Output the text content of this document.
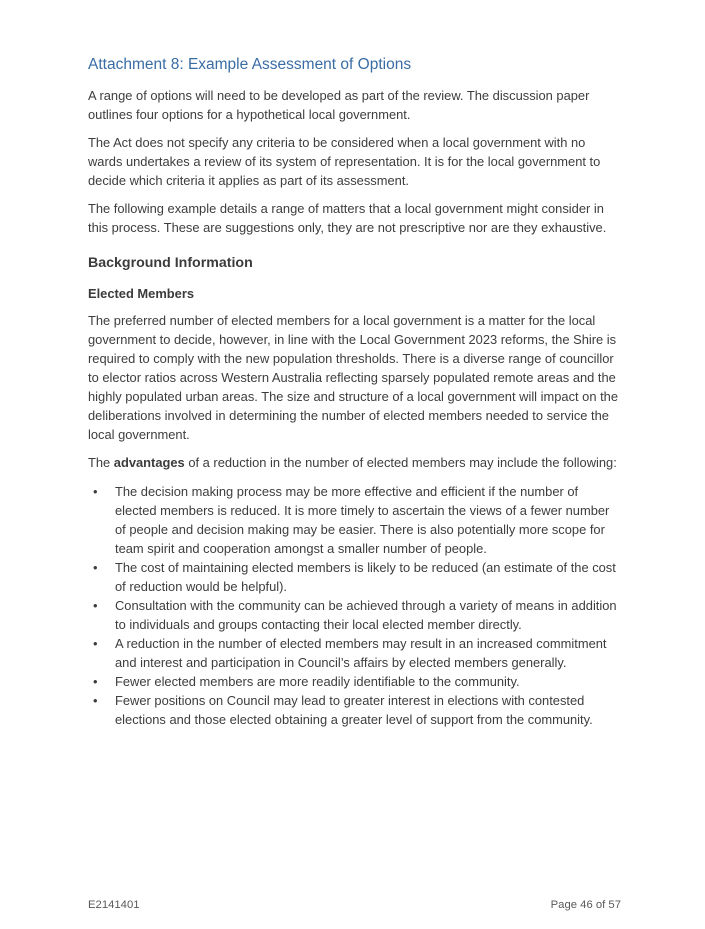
Attachment 8: Example Assessment of Options

A range of options will need to be developed as part of the review. The discussion paper outlines four options for a hypothetical local government.

The Act does not specify any criteria to be considered when a local government with no wards undertakes a review of its system of representation. It is for the local government to decide which criteria it applies as part of its assessment.

The following example details a range of matters that a local government might consider in this process. These are suggestions only, they are not prescriptive nor are they exhaustive.

Background Information
Elected Members

The preferred number of elected members for a local government is a matter for the local government to decide, however, in line with the Local Government 2023 reforms, the Shire is required to comply with the new population thresholds. There is a diverse range of councillor to elector ratios across Western Australia reflecting sparsely populated remote areas and the highly populated urban areas. The size and structure of a local government will impact on the deliberations involved in determining the number of elected members needed to service the local government.

The advantages of a reduction in the number of elected members may include the following:

•	The decision making process may be more effective and efficient if the number of elected members is reduced. It is more timely to ascertain the views of a fewer number of people and decision making may be easier. There is also potentially more scope for team spirit and cooperation amongst a smaller number of people.
•	The cost of maintaining elected members is likely to be reduced (an estimate of the cost of reduction would be helpful).
•	Consultation with the community can be achieved through a variety of means in addition to individuals and groups contacting their local elected member directly.
•	A reduction in the number of elected members may result in an increased commitment and interest and participation in Council’s affairs by elected members generally.
•	Fewer elected members are more readily identifiable to the community.
•	Fewer positions on Council may lead to greater interest in elections with contested elections and those elected obtaining a greater level of support from the community.
E2141401	Page 46 of 57
